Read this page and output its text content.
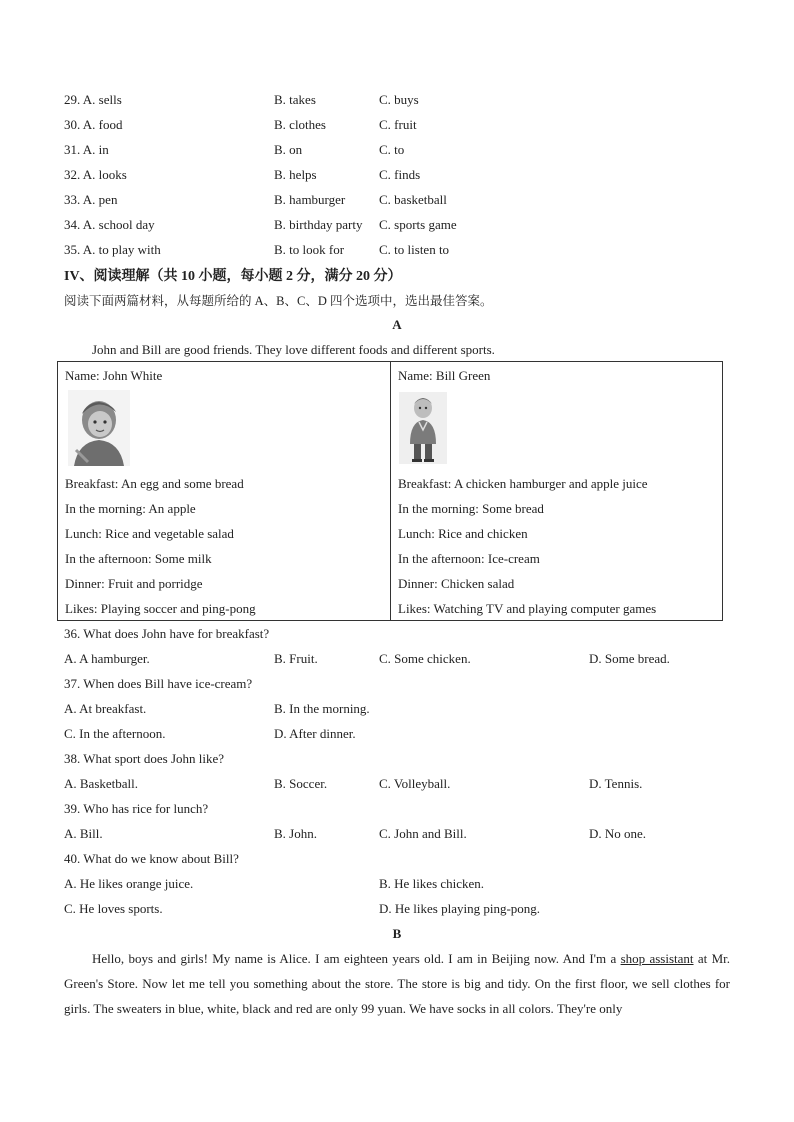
29. A. sells	B. takes	C. buys
30. A. food	B. clothes	C. fruit
31. A. in	B. on	C. to
32. A. looks	B. helps	C. finds
33. A. pen	B. hamburger	C. basketball
34. A. school day	B. birthday party C. sports game
35. A. to play with	B. to look for	C. to listen to
IV、阅读理解（共 10 小题，每小题 2 分，满分 20 分）
阅读下面两篇材料，从每题所给的 A、B、C、D 四个选项中，选出最佳答案。
A
John and Bill are good friends. They love different foods and different sports.
Name: John White
Breakfast: An egg and some bread
In the morning: An apple
Lunch: Rice and vegetable salad
In the afternoon: Some milk
Dinner: Fruit and porridge
Likes: Playing soccer and ping-pong

Name: Bill Green
Breakfast: A chicken hamburger and apple juice
In the morning: Some bread
Lunch: Rice and chicken
In the afternoon: Ice-cream
Dinner: Chicken salad
Likes: Watching TV and playing computer games
36. What does John have for breakfast?
A. A hamburger.	B. Fruit.	C. Some chicken.	D. Some bread.
37. When does Bill have ice-cream?
A. At breakfast.	B. In the morning.
C. In the afternoon.	D. After dinner.
38. What sport does John like?
A. Basketball.	B. Soccer.	C. Volleyball.	D. Tennis.
39. Who has rice for lunch?
A. Bill.	B. John.	C. John and Bill.	D. No one.
40. What do we know about Bill?
A. He likes orange juice.	B. He likes chicken.
C. He loves sports.	D. He likes playing ping-pong.
B
Hello, boys and girls! My name is Alice. I am eighteen years old. I am in Beijing now. And I'm a shop assistant at Mr. Green's Store. Now let me tell you something about the store. The store is big and tidy. On the first floor, we sell clothes for girls. The sweaters in blue, white, black and red are only 99 yuan. We have socks in all colors. They're only
